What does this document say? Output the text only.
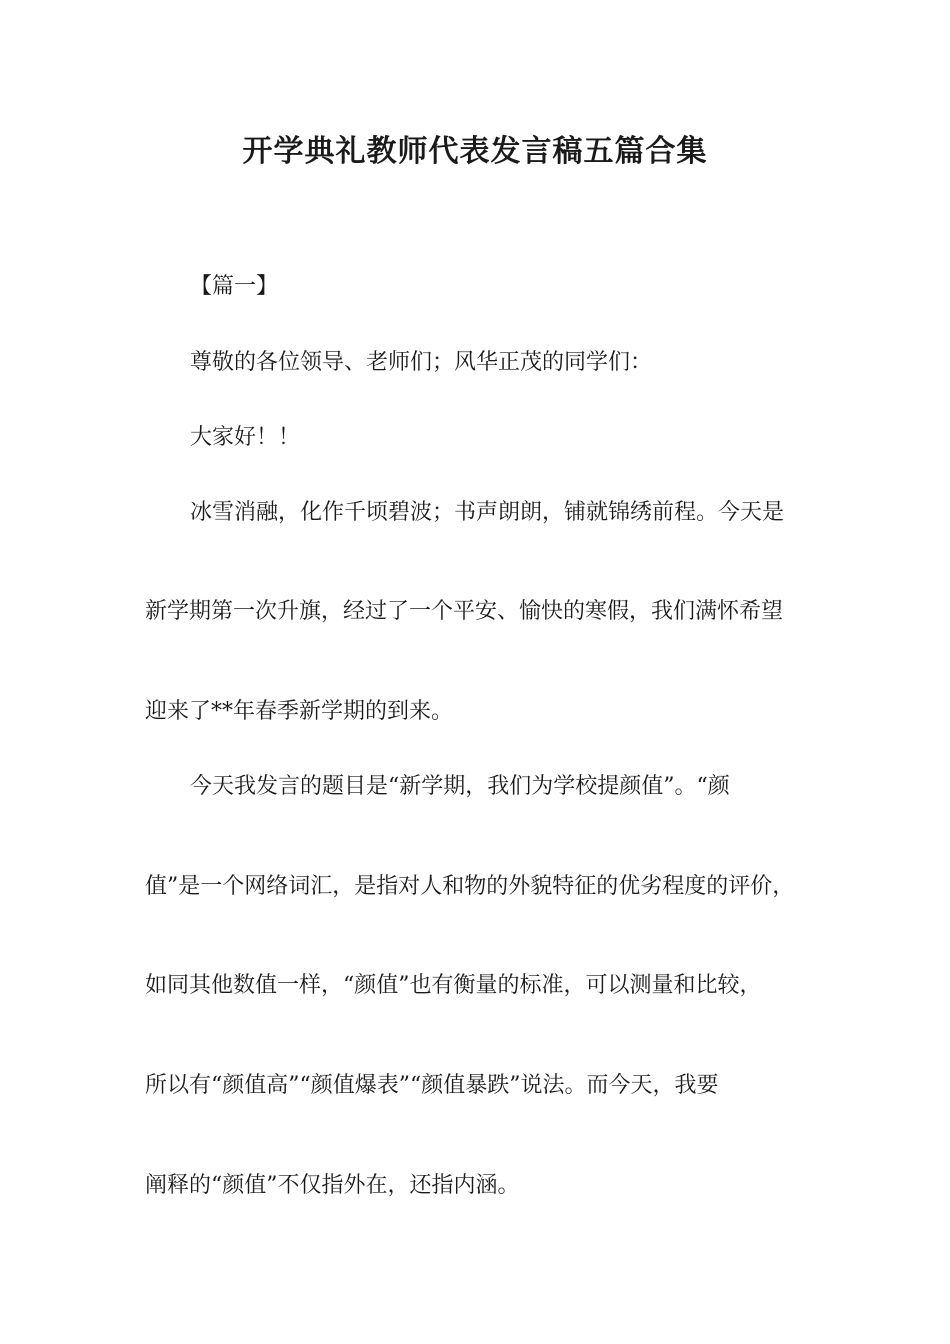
开学典礼教师代表发言稿五篇合集
【篇一】
尊敬的各位领导、老师们；风华正茂的同学们：
大家好！！
冰雪消融，化作千顷碧波；书声朗朗，铺就锦绣前程。今天是
新学期第一次升旗，经过了一个平安、愉快的寒假，我们满怀希望
迎来了**年春季新学期的到来。
今天我发言的题目是“新学期，我们为学校提颜值”。“颜
值”是一个网络词汇，是指对人和物的外貌特征的优劣程度的评价，
如同其他数值一样，“颜值”也有衡量的标准，可以测量和比较，
所以有“颜值高”“颜值爆表”“颜值暴跌”说法。而今天，我要
阐释的“颜值”不仅指外在，还指内涵。
